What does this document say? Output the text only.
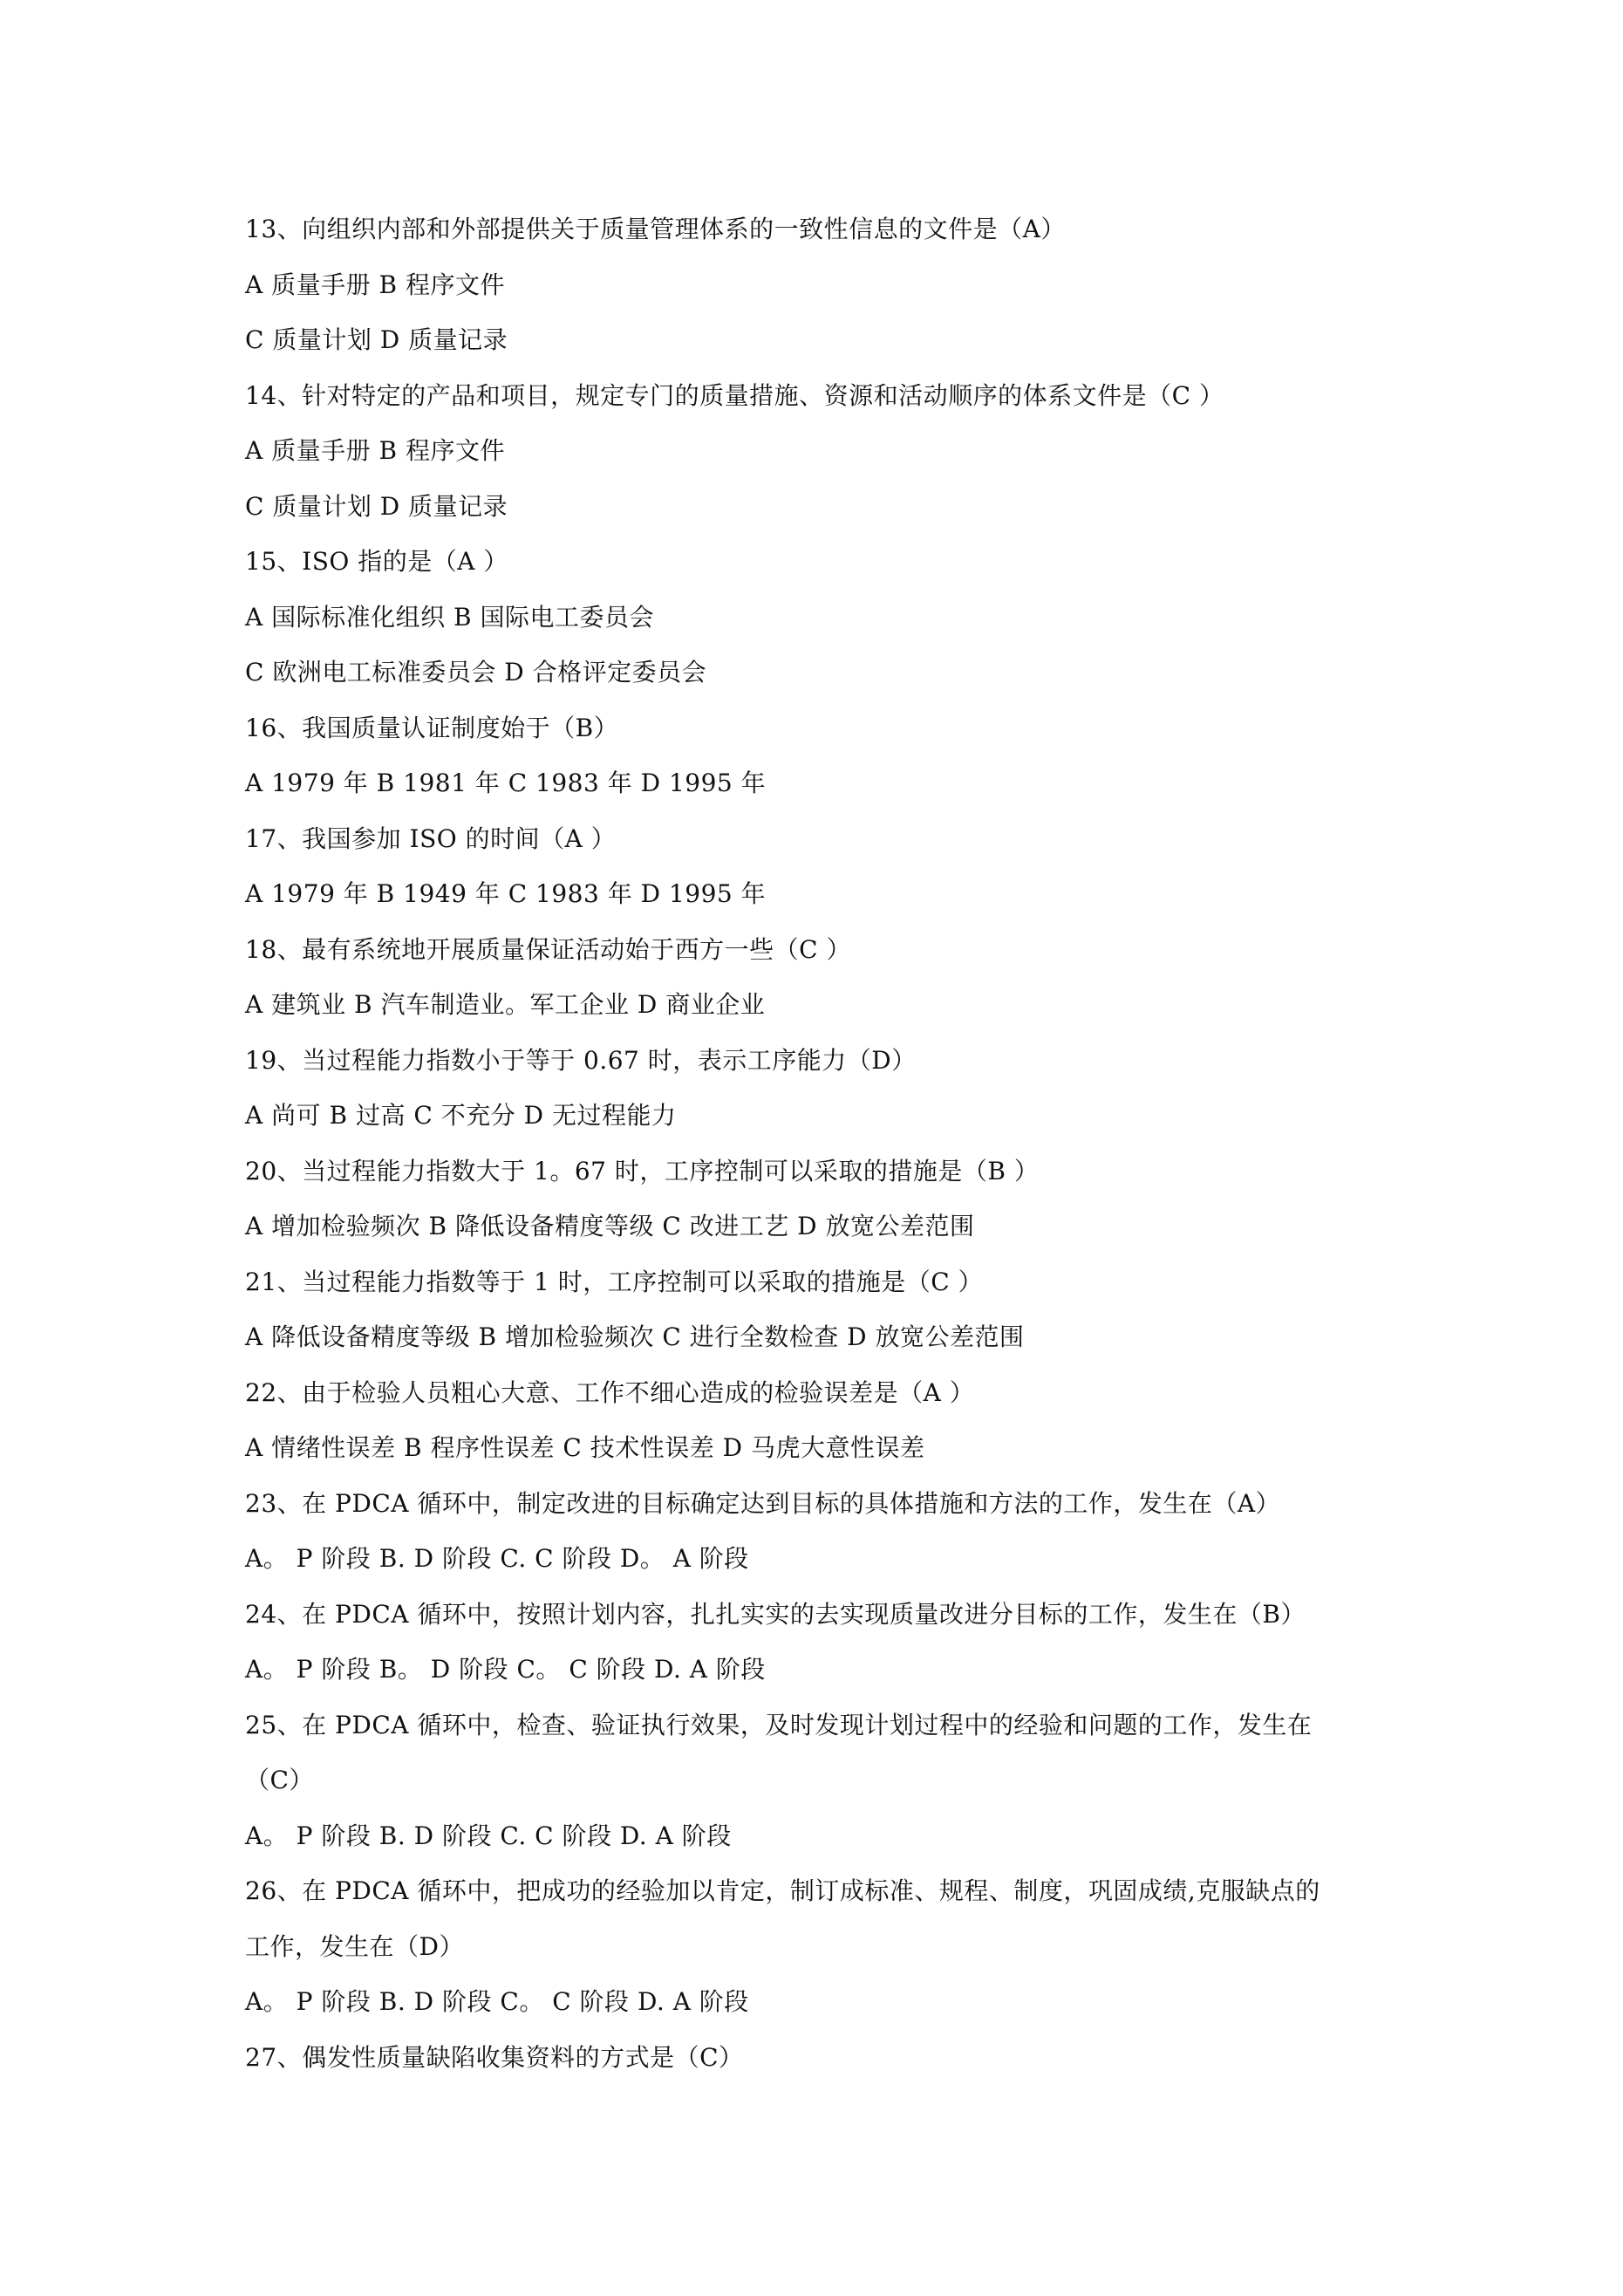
13、向组织内部和外部提供关于质量管理体系的一致性信息的文件是（A）
A 质量手册 B 程序文件
C 质量计划 D 质量记录
14、针对特定的产品和项目，规定专门的质量措施、资源和活动顺序的体系文件是（C ）
A 质量手册 B 程序文件
C 质量计划 D 质量记录
15、ISO 指的是（A ）
A 国际标准化组织 B 国际电工委员会
C 欧洲电工标准委员会 D 合格评定委员会
16、我国质量认证制度始于（B）
A 1979 年 B 1981 年 C 1983 年 D 1995 年
17、我国参加 ISO 的时间（A ）
A 1979 年 B 1949 年 C 1983 年 D 1995 年
18、最有系统地开展质量保证活动始于西方一些（C ）
A 建筑业 B 汽车制造业。军工企业 D 商业企业
19、当过程能力指数小于等于 0.67 时，表示工序能力（D）
A 尚可 B 过高 C 不充分 D 无过程能力
20、当过程能力指数大于 1。67 时，工序控制可以采取的措施是（B ）
A 增加检验频次 B 降低设备精度等级 C 改进工艺 D 放宽公差范围
21、当过程能力指数等于 1 时，工序控制可以采取的措施是（C ）
A 降低设备精度等级 B 增加检验频次 C 进行全数检查 D 放宽公差范围
22、由于检验人员粗心大意、工作不细心造成的检验误差是（A ）
A 情绪性误差 B 程序性误差 C 技术性误差 D 马虎大意性误差
23、在 PDCA 循环中，制定改进的目标确定达到目标的具体措施和方法的工作，发生在（A）
A。 P 阶段 B. D 阶段 C. C 阶段 D。 A 阶段
24、在 PDCA 循环中，按照计划内容，扎扎实实的去实现质量改进分目标的工作，发生在（B）
A。 P 阶段 B。 D 阶段 C。 C 阶段 D. A 阶段
25、在 PDCA 循环中，检查、验证执行效果，及时发现计划过程中的经验和问题的工作，发生在
（C）
A。 P 阶段 B. D 阶段 C. C 阶段 D. A 阶段
26、在 PDCA 循环中，把成功的经验加以肯定，制订成标准、规程、制度，巩固成绩,克服缺点的
工作，发生在（D）
A。 P 阶段 B. D 阶段 C。 C 阶段 D. A 阶段
27、偶发性质量缺陷收集资料的方式是（C）
